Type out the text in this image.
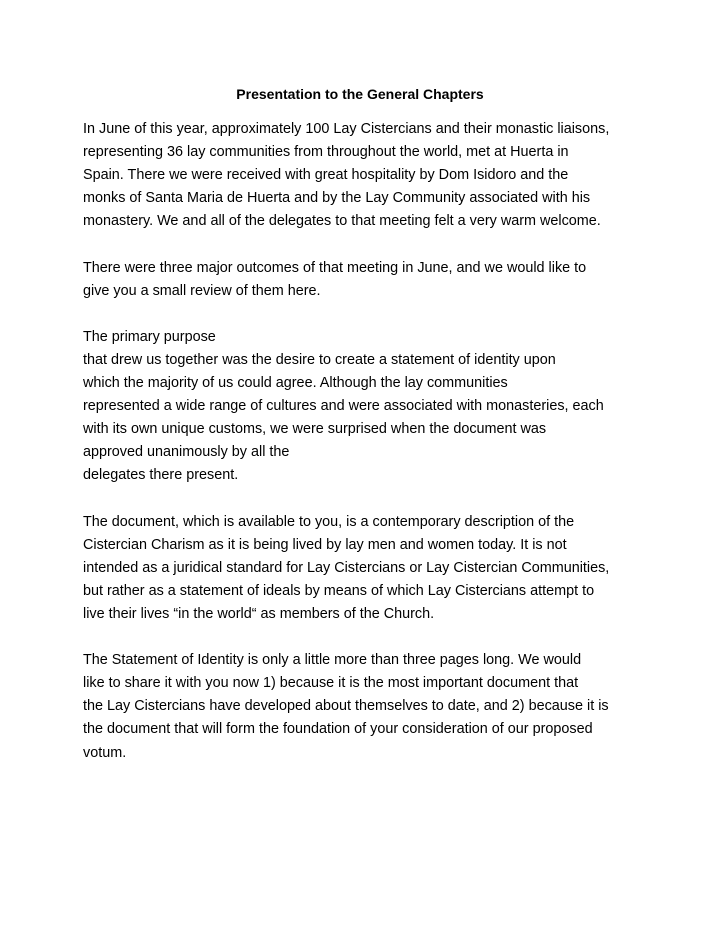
Presentation to the General Chapters
In June of this year, approximately 100 Lay Cistercians and their monastic liaisons,
representing 36 lay communities from throughout the world, met at Huerta in
Spain. There we were received with great hospitality by Dom Isidoro and the
monks of Santa Maria de Huerta and by the Lay Community associated with his
monastery. We and all of the delegates to that meeting felt a very warm welcome.
There were three major outcomes of that meeting in June, and we would like to
give you a small review of them here.
The primary purpose
that drew us together was the desire to create a statement of identity upon
which the majority of us could agree. Although the lay communities
represented a wide range of cultures and were associated with monasteries, each
with its own unique customs, we were surprised when the document was
approved unanimously by all the
delegates there present.
The document, which is available to you, is a contemporary description of the
Cistercian Charism as it is being lived by lay men and women today. It is not
intended as a juridical standard for Lay Cistercians or Lay Cistercian Communities,
but rather as a statement of ideals by means of which Lay Cistercians attempt to
live their lives “in the world“ as members of the Church.
The Statement of Identity is only a little more than three pages long. We would
like to share it with you now 1) because it is the most important document that
the Lay Cistercians have developed about themselves to date, and 2) because it is
the document that will form the foundation of your consideration of our proposed
votum.
